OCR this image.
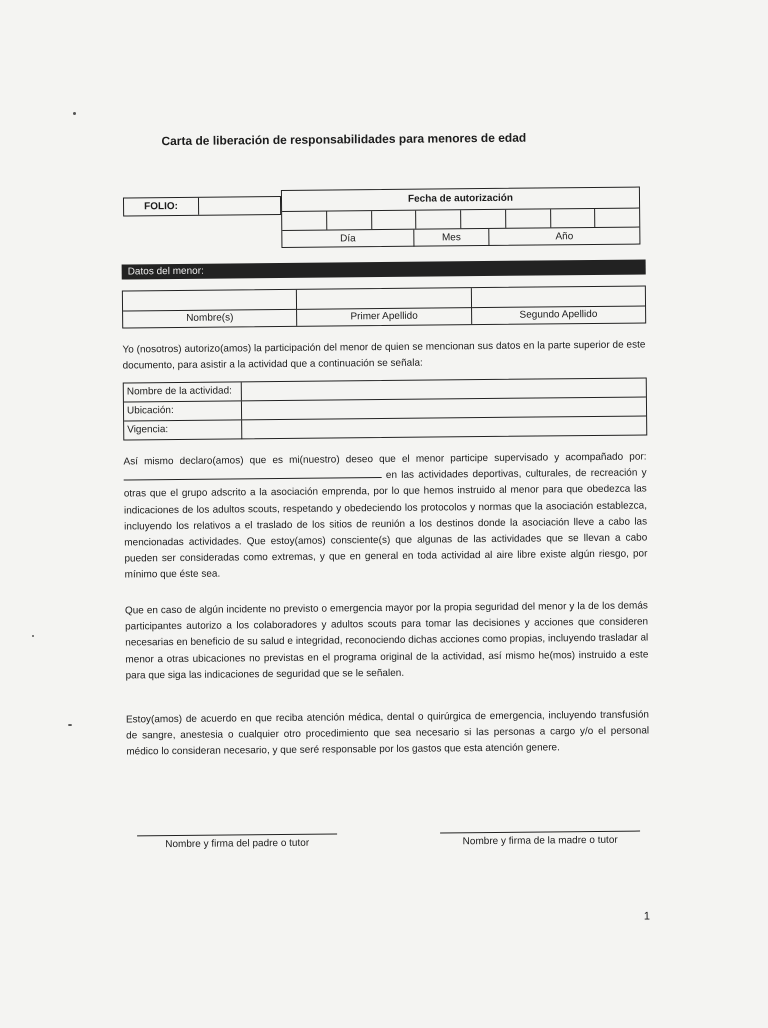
Carta de liberación de responsabilidades para menores de edad
FOLIO:
Fecha de autorización
Día	Mes	Año
Datos del menor:
Nombre(s)	Primer Apellido	Segundo Apellido

Yo (nosotros) autorizo(amos) la participación del menor de quien se mencionan sus datos en la parte superior de este documento, para asistir a la actividad que a continuación se señala:

Nombre de la actividad:
Ubicación:
Vigencia:

Así mismo declaro(amos) que es mi(nuestro) deseo que el menor participe supervisado y acompañado por:  en las actividades deportivas, culturales, de recreación y otras que el grupo adscrito a la asociación emprenda, por lo que hemos instruido al menor para que obedezca las indicaciones de los adultos scouts, respetando y obedeciendo los protocolos y normas que la asociación establezca, incluyendo los relativos a el traslado de los sitios de reunión a los destinos donde la asociación lleve a cabo las mencionadas actividades. Que estoy(amos) consciente(s) que algunas de las actividades que se llevan a cabo pueden ser consideradas como extremas, y que en general en toda actividad al aire libre existe algún riesgo, por mínimo que éste sea.

Que en caso de algún incidente no previsto o emergencia mayor por la propia seguridad del menor y la de los demás participantes autorizo a los colaboradores y adultos scouts para tomar las decisiones y acciones que consideren necesarias en beneficio de su salud e integridad, reconociendo dichas acciones como propias, incluyendo trasladar al menor a otras ubicaciones no previstas en el programa original de la actividad, así mismo he(mos) instruido a este para que siga las indicaciones de seguridad que se le señalen.

Estoy(amos) de acuerdo en que reciba atención médica, dental o quirúrgica de emergencia, incluyendo transfusión de sangre, anestesia o cualquier otro procedimiento que sea necesario si las personas a cargo y/o el personal médico lo consideran necesario, y que seré responsable por los gastos que esta atención genere.

Nombre y firma del padre o tutor	Nombre y firma de la madre o tutor
1
